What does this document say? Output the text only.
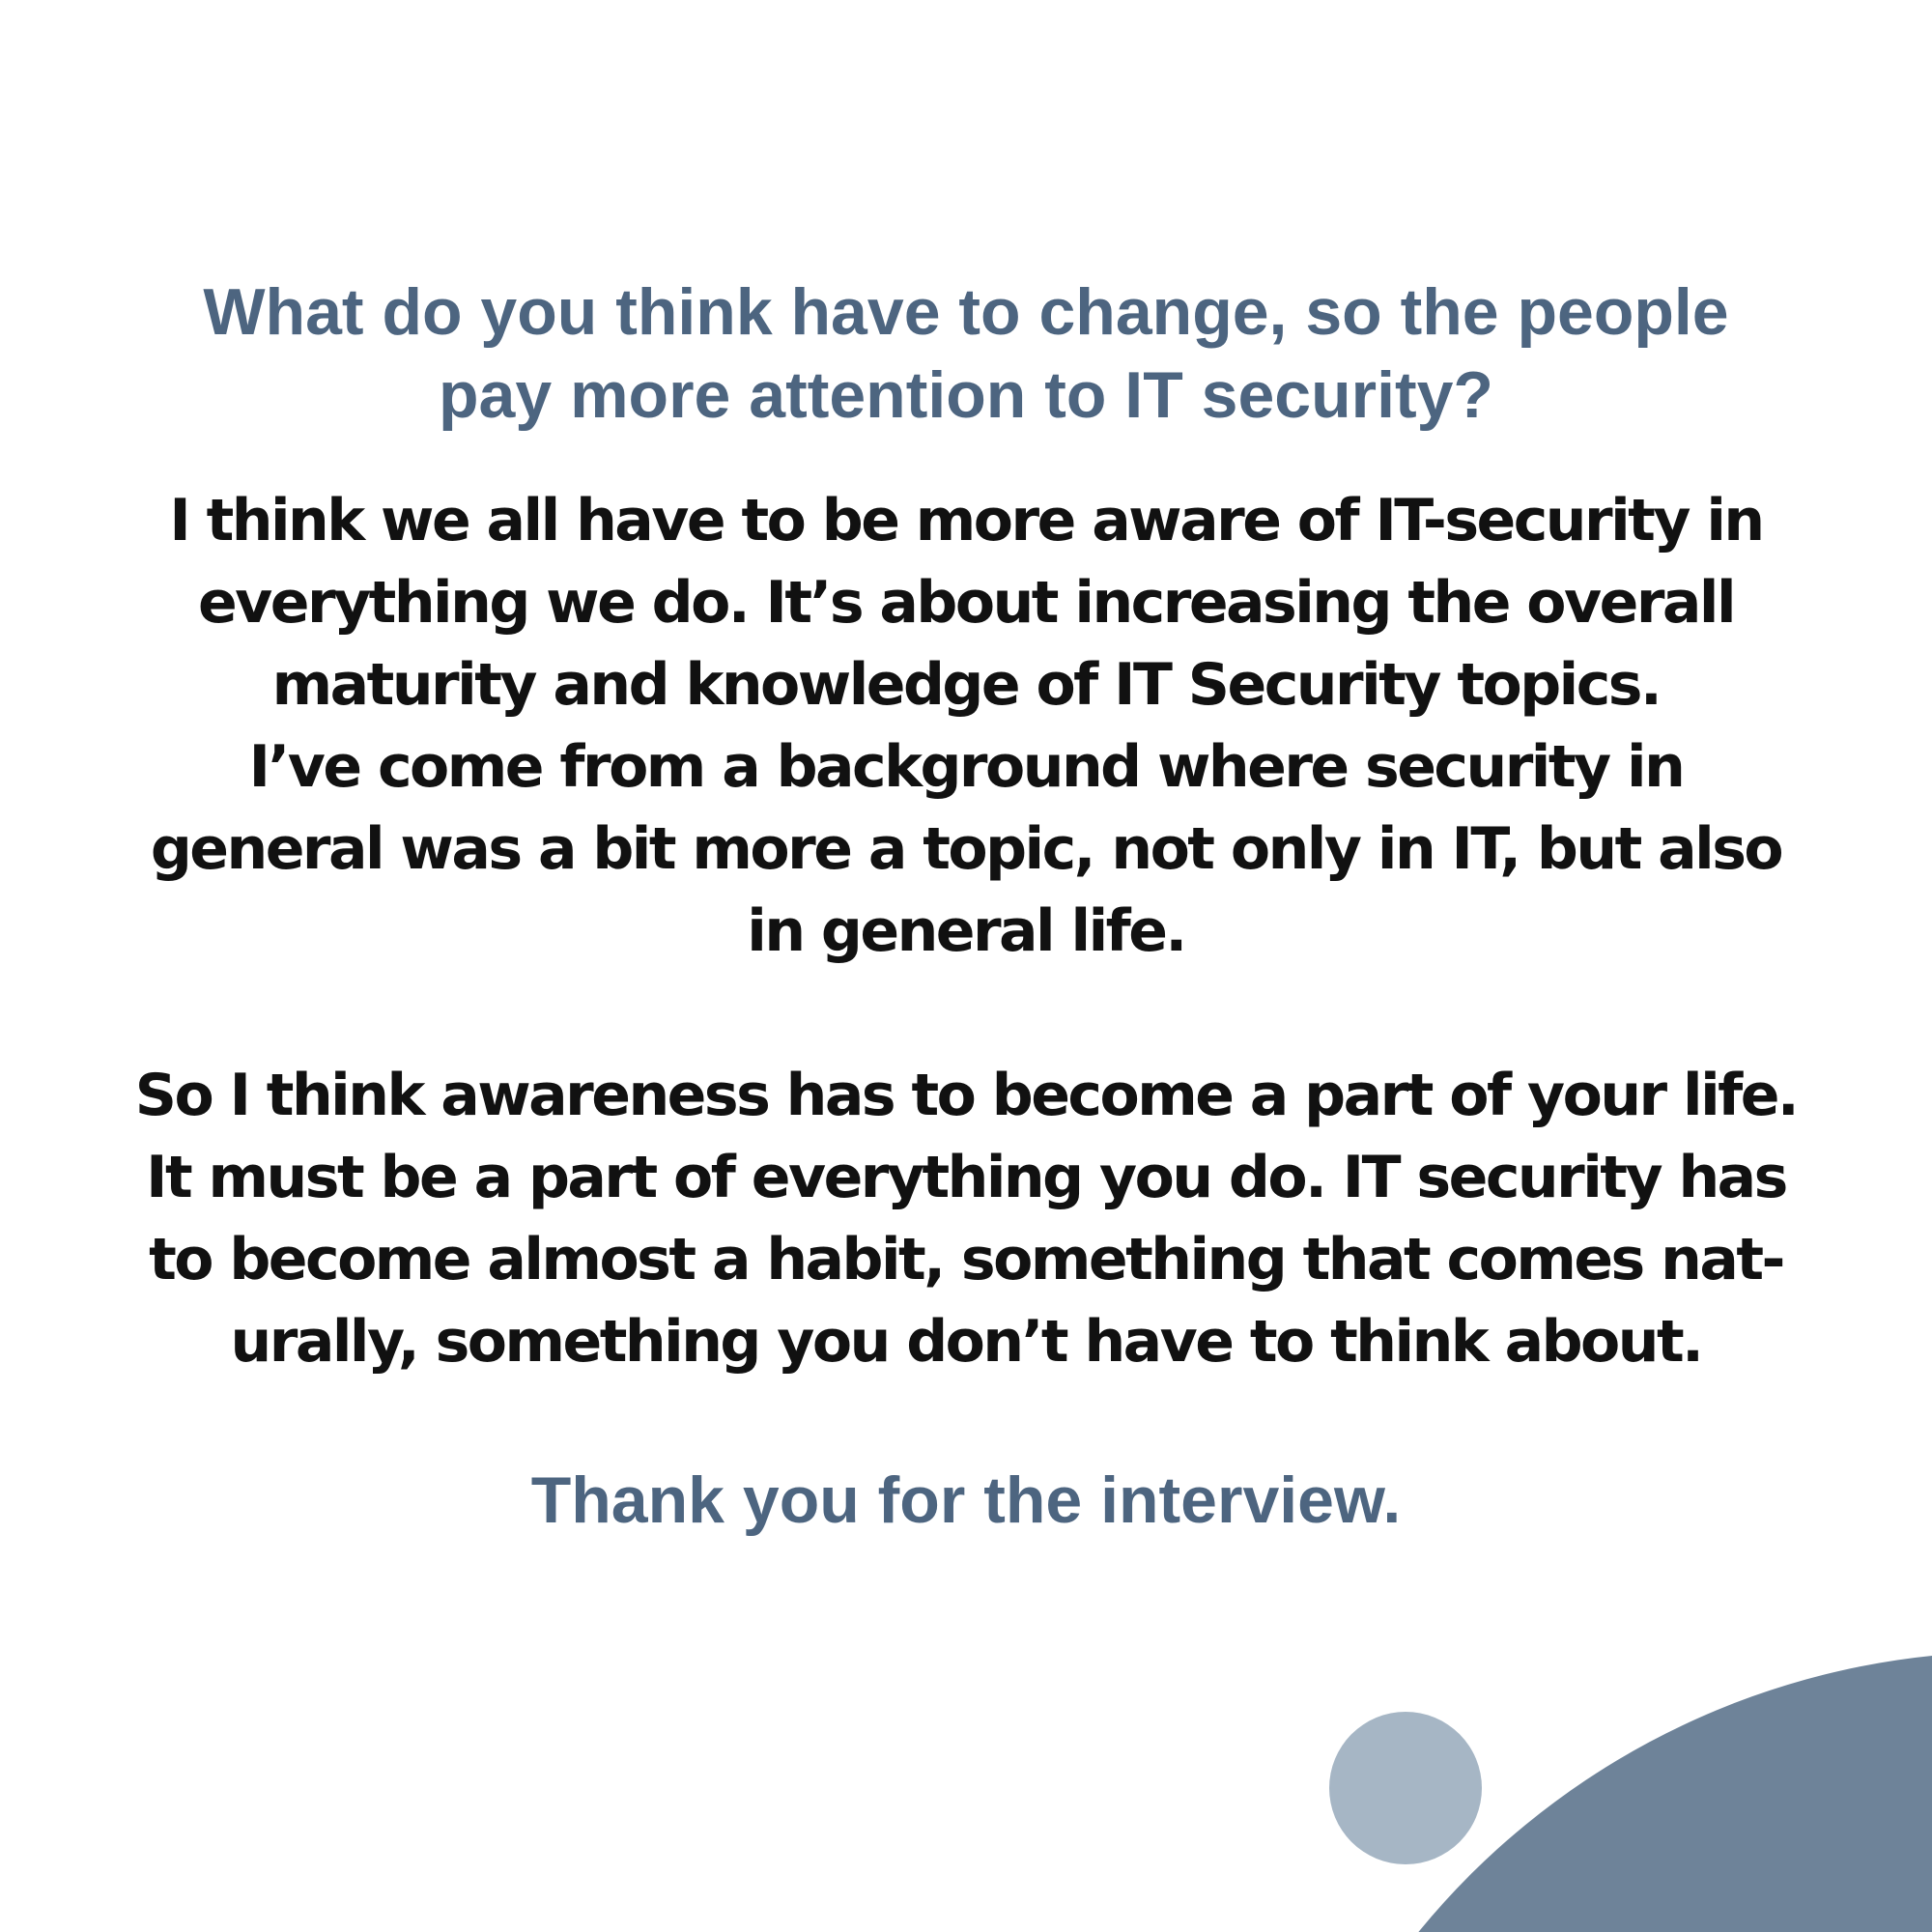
What do you think have to change, so the people
pay more attention to IT security?

I think we all have to be more aware of IT-security in
everything we do. It’s about increasing the overall
maturity and knowledge of IT Security topics.
I’ve come from a background where security in
general was a bit more a topic, not only in IT, but also
in general life.

So I think awareness has to become a part of your life.
It must be a part of everything you do. IT security has
to become almost a habit, something that comes nat-
urally, something you don’t have to think about.

Thank you for the interview.
